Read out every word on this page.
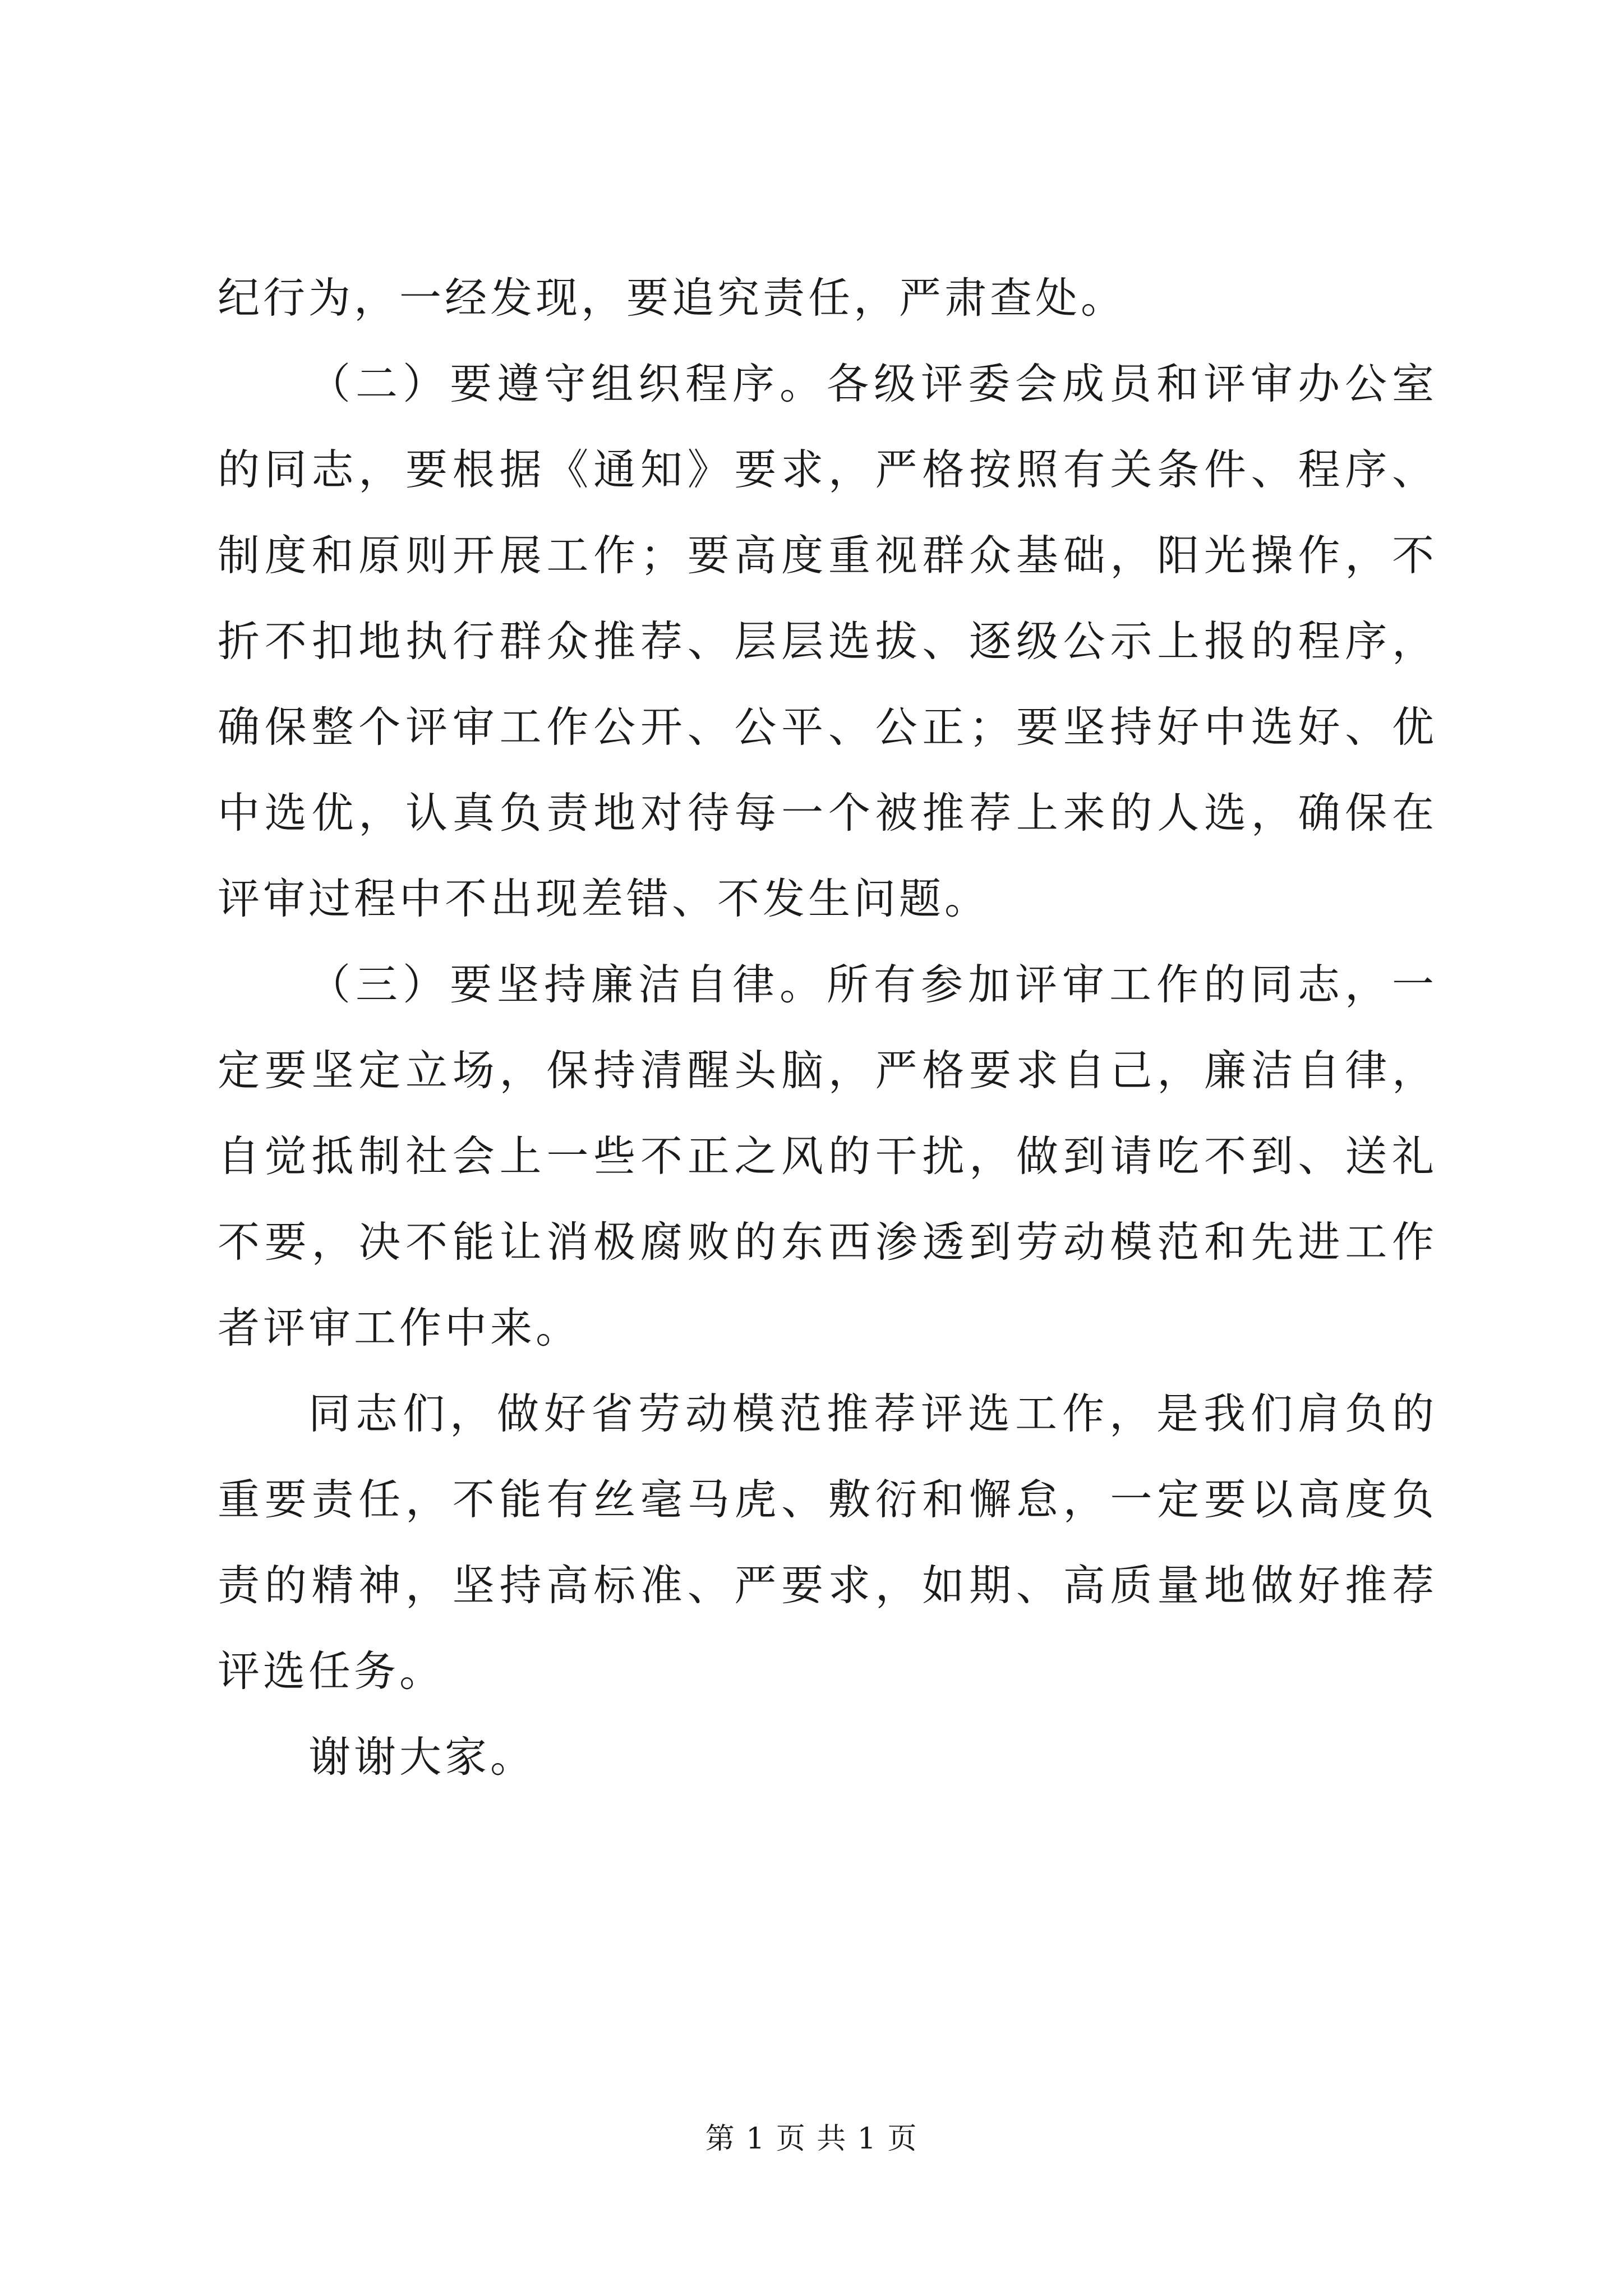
纪行为，一经发现，要追究责任，严肃查处。

（二）要遵守组织程序。各级评委会成员和评审办公室的同志，要根据《通知》要求，严格按照有关条件、程序、制度和原则开展工作；要高度重视群众基础，阳光操作，不折不扣地执行群众推荐、层层选拔、逐级公示上报的程序，确保整个评审工作公开、公平、公正；要坚持好中选好、优中选优，认真负责地对待每一个被推荐上来的人选，确保在评审过程中不出现差错、不发生问题。

（三）要坚持廉洁自律。所有参加评审工作的同志，一定要坚定立场，保持清醒头脑，严格要求自己，廉洁自律，自觉抵制社会上一些不正之风的干扰，做到请吃不到、送礼不要，决不能让消极腐败的东西渗透到劳动模范和先进工作者评审工作中来。

同志们，做好省劳动模范推荐评选工作，是我们肩负的重要责任，不能有丝毫马虎、敷衍和懈怠，一定要以高度负责的精神，坚持高标准、严要求，如期、高质量地做好推荐评选任务。

谢谢大家。

第 1 页 共 1 页
